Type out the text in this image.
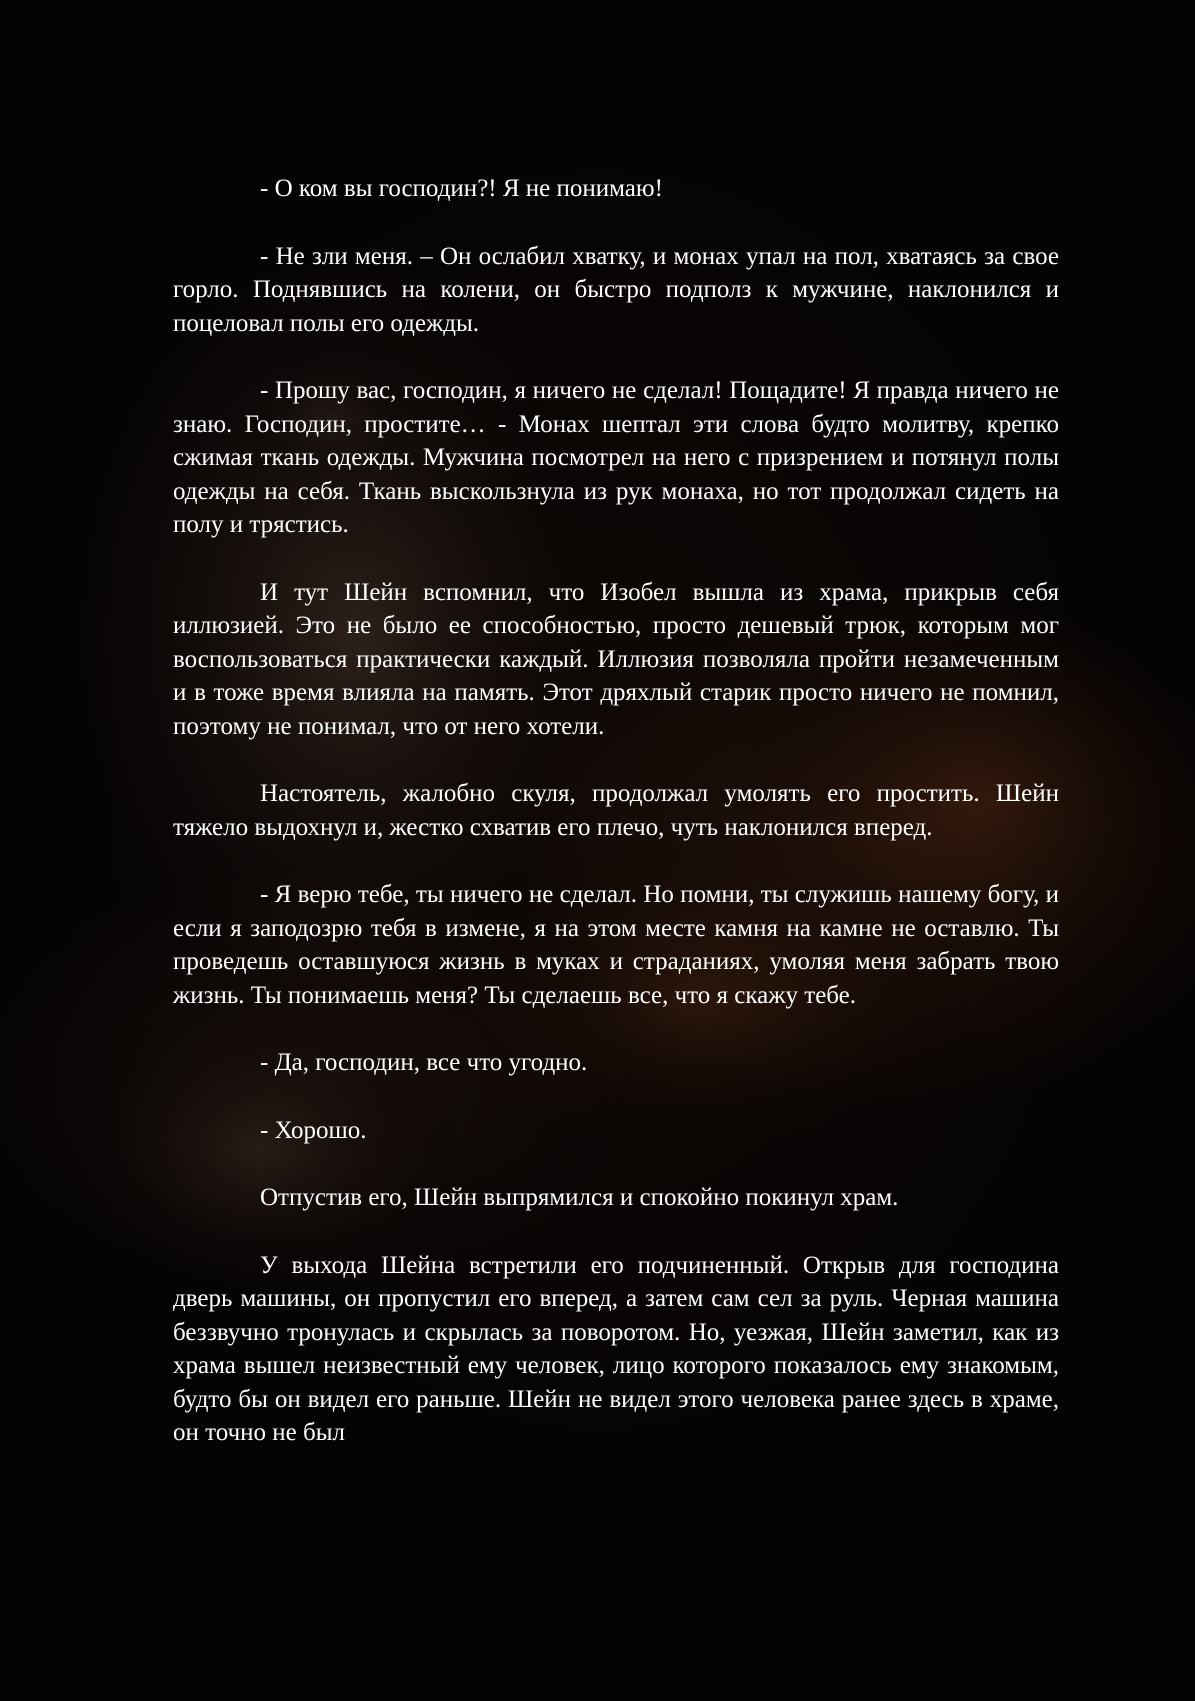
- О ком вы господин?! Я не понимаю!

- Не зли меня. – Он ослабил хватку, и монах упал на пол, хватаясь за свое горло. Поднявшись на колени, он быстро подполз к мужчине, наклонился и поцеловал полы его одежды.

- Прошу вас, господин, я ничего не сделал! Пощадите! Я правда ничего не знаю. Господин, простите… - Монах шептал эти слова будто молитву, крепко сжимая ткань одежды. Мужчина посмотрел на него с призрением и потянул полы одежды на себя. Ткань выскользнула из рук монаха, но тот продолжал сидеть на полу и трястись.

И тут Шейн вспомнил, что Изобел вышла из храма, прикрыв себя иллюзией. Это не было ее способностью, просто дешевый трюк, которым мог воспользоваться практически каждый. Иллюзия позволяла пройти незамеченным и в тоже время влияла на память. Этот дряхлый старик просто ничего не помнил, поэтому не понимал, что от него хотели.

Настоятель, жалобно скуля, продолжал умолять его простить. Шейн тяжело выдохнул и, жестко схватив его плечо, чуть наклонился вперед.

- Я верю тебе, ты ничего не сделал. Но помни, ты служишь нашему богу, и если я заподозрю тебя в измене, я на этом месте камня на камне не оставлю. Ты проведешь оставшуюся жизнь в муках и страданиях, умоляя меня забрать твою жизнь. Ты понимаешь меня? Ты сделаешь все, что я скажу тебе.

- Да, господин, все что угодно.

- Хорошо.

Отпустив его, Шейн выпрямился и спокойно покинул храм.

У выхода Шейна встретили его подчиненный. Открыв для господина дверь машины, он пропустил его вперед, а затем сам сел за руль. Черная машина беззвучно тронулась и скрылась за поворотом. Но, уезжая, Шейн заметил, как из храма вышел неизвестный ему человек, лицо которого показалось ему знакомым, будто бы он видел его раньше. Шейн не видел этого человека ранее здесь в храме, он точно не был
